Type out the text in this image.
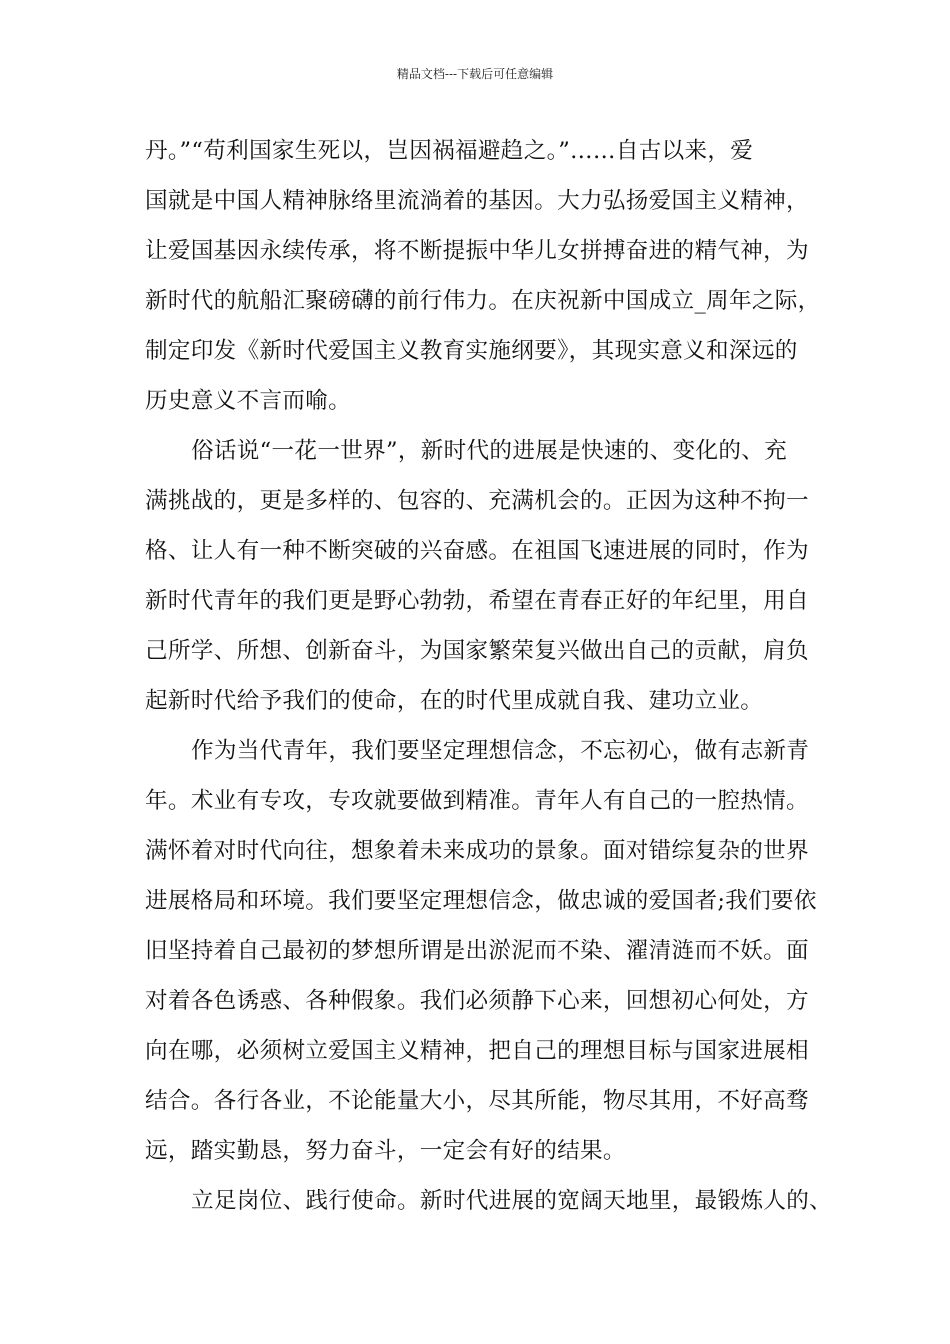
精品文档---下载后可任意编辑
丹。”“苟利国家生死以，岂因祸福避趋之。”……自古以来，爱
国就是中国人精神脉络里流淌着的基因。大力弘扬爱国主义精神，
让爱国基因永续传承，将不断提振中华儿女拼搏奋进的精气神，为
新时代的航船汇聚磅礴的前行伟力。在庆祝新中国成立_周年之际，
制定印发《新时代爱国主义教育实施纲要》，其现实意义和深远的
历史意义不言而喻。
俗话说“一花一世界”，新时代的进展是快速的、变化的、充
满挑战的，更是多样的、包容的、充满机会的。正因为这种不拘一
格、让人有一种不断突破的兴奋感。在祖国飞速进展的同时，作为
新时代青年的我们更是野心勃勃，希望在青春正好的年纪里，用自
己所学、所想、创新奋斗，为国家繁荣复兴做出自己的贡献，肩负
起新时代给予我们的使命，在的时代里成就自我、建功立业。
作为当代青年，我们要坚定理想信念，不忘初心，做有志新青
年。术业有专攻，专攻就要做到精准。青年人有自己的一腔热情。
满怀着对时代向往，想象着未来成功的景象。面对错综复杂的世界
进展格局和环境。我们要坚定理想信念，做忠诚的爱国者;我们要依
旧坚持着自己最初的梦想所谓是出淤泥而不染、濯清涟而不妖。面
对着各色诱惑、各种假象。我们必须静下心来，回想初心何处，方
向在哪，必须树立爱国主义精神，把自己的理想目标与国家进展相
结合。各行各业，不论能量大小，尽其所能，物尽其用，不好高骛
远，踏实勤恳，努力奋斗，一定会有好的结果。
立足岗位、践行使命。新时代进展的宽阔天地里，最锻炼人的、
